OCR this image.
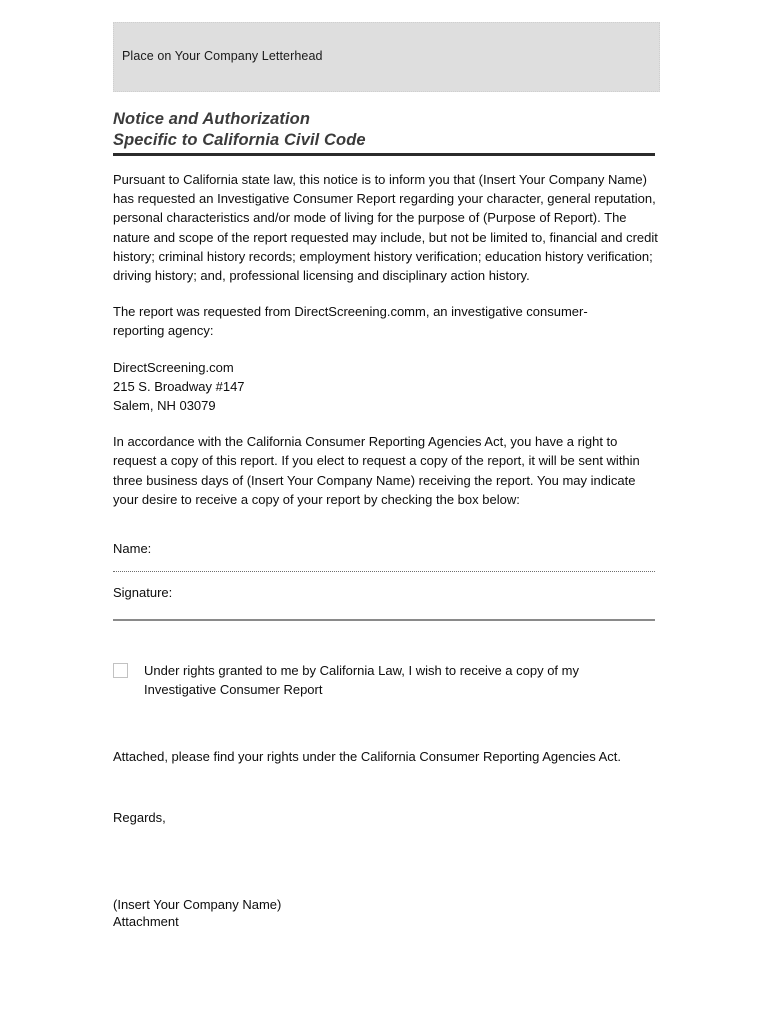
Place on Your Company Letterhead
Notice and Authorization
Specific to California Civil Code

Pursuant to California state law, this notice is to inform you that (Insert Your Company Name) has requested an Investigative Consumer Report regarding your character, general reputation, personal characteristics and/or mode of living for the purpose of (Purpose of Report). The nature and scope of the report requested may include, but not be limited to, financial and credit history; criminal history records; employment history verification; education history verification; driving history; and, professional licensing and disciplinary action history.

The report was requested from DirectScreening.comm, an investigative consumer-reporting agency:

DirectScreening.com
215 S. Broadway #147
Salem, NH 03079

In accordance with the California Consumer Reporting Agencies Act, you have a right to request a copy of this report. If you elect to request a copy of the report, it will be sent within three business days of (Insert Your Company Name) receiving the report. You may indicate your desire to receive a copy of your report by checking the box below:

Name:
Signature:
Under rights granted to me by California Law, I wish to receive a copy of my Investigative Consumer Report

Attached, please find your rights under the California Consumer Reporting Agencies Act.

Regards,

(Insert Your Company Name)
Attachment
